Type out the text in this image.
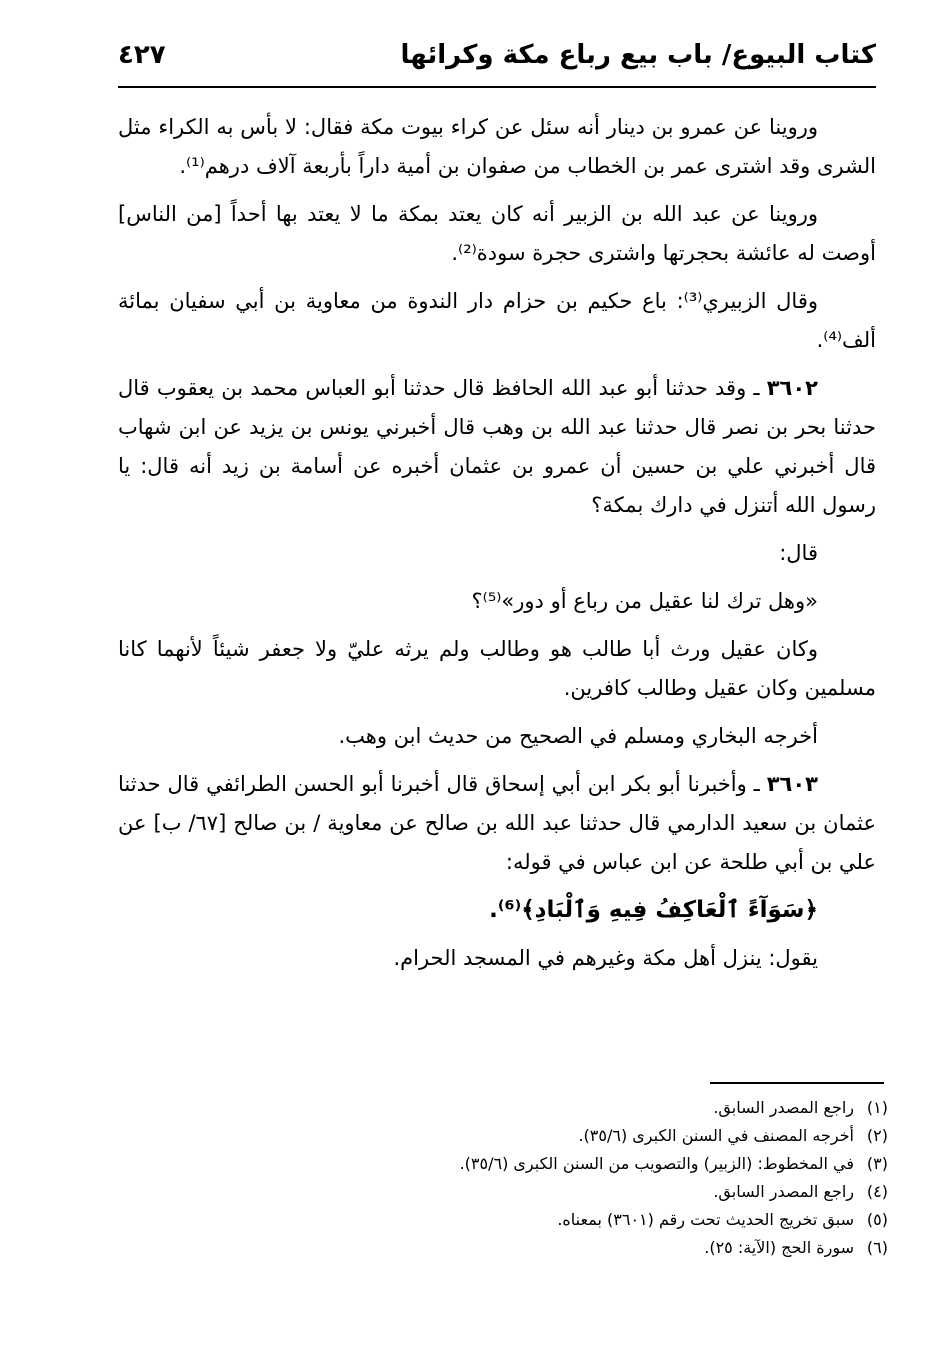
كتاب البيوع/ باب بيع رباع مكة وكرائها
٤٢٧

وروينا عن عمرو بن دينار أنه سئل عن كراء بيوت مكة فقال: لا بأس به الكراء مثل الشرى وقد اشترى عمر بن الخطاب من صفوان بن أمية داراً بأربعة آلاف درهم⁽¹⁾.

وروينا عن عبد الله بن الزبير أنه كان يعتد بمكة ما لا يعتد بها أحداً [من الناس] أوصت له عائشة بحجرتها واشترى حجرة سودة⁽²⁾.

وقال الزبيري⁽³⁾: باع حكيم بن حزام دار الندوة من معاوية بن أبي سفيان بمائة ألف⁽⁴⁾.

٣٦٠٢ ـ وقد حدثنا أبو عبد الله الحافظ قال حدثنا أبو العباس محمد بن يعقوب قال حدثنا بحر بن نصر قال حدثنا عبد الله بن وهب قال أخبرني يونس بن يزيد عن ابن شهاب قال أخبرني علي بن حسين أن عمرو بن عثمان أخبره عن أسامة بن زيد أنه قال: يا رسول الله أتنزل في دارك بمكة؟

قال:

«وهل ترك لنا عقيل من رباع أو دور»⁽⁵⁾؟

وكان عقيل ورث أبا طالب هو وطالب ولم يرثه عليّ ولا جعفر شيئاً لأنهما كانا مسلمين وكان عقيل وطالب كافرين.

أخرجه البخاري ومسلم في الصحيح من حديث ابن وهب.

٣٦٠٣ ـ وأخبرنا أبو بكر ابن أبي إسحاق قال أخبرنا أبو الحسن الطرائفي قال حدثنا عثمان بن سعيد الدارمي قال حدثنا عبد الله بن صالح عن معاوية / بن صالح [٦٧/ ب] عن علي بن أبي طلحة عن ابن عباس في قوله:

﴿سَوَآءً ٱلْعَاكِفُ فِيهِ وَٱلْبَادِ﴾⁽⁶⁾.

يقول: ينزل أهل مكة وغيرهم في المسجد الحرام.

(١)
راجع المصدر السابق.
(٢)
أخرجه المصنف في السنن الكبرى (٣٥/٦).
(٣)
في المخطوط: (الزبير) والتصويب من السنن الكبرى (٣٥/٦).
(٤)
راجع المصدر السابق.
(٥)
سبق تخريج الحديث تحت رقم (٣٦٠١) بمعناه.
(٦)
سورة الحج (الآية: ٢٥).
